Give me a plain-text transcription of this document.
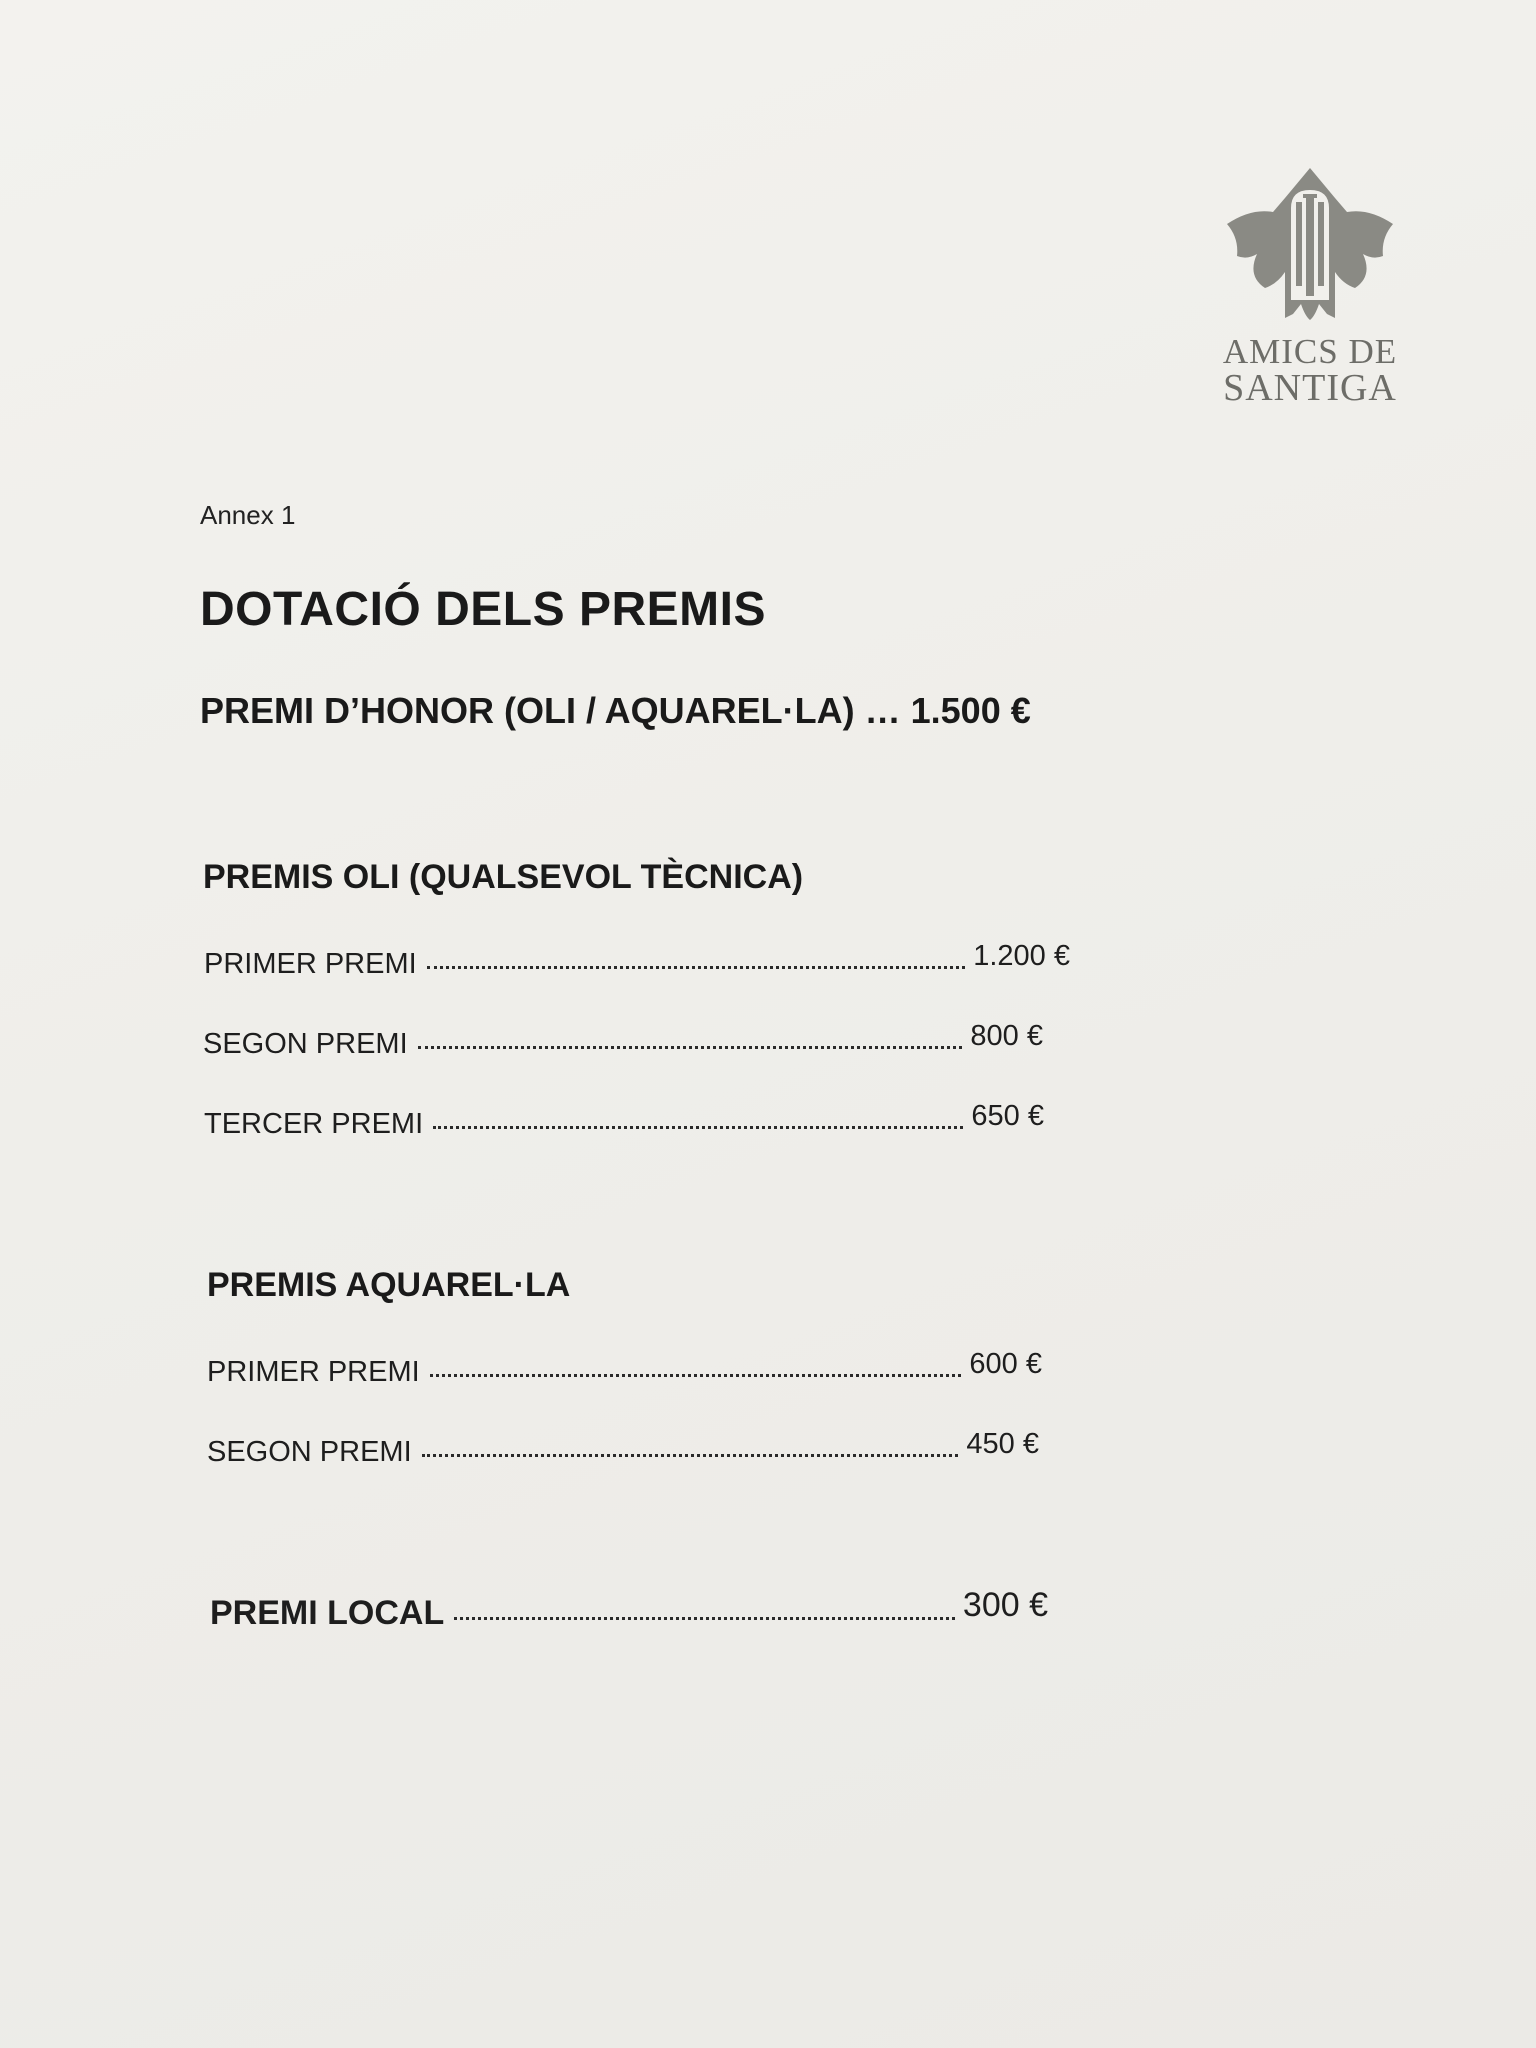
AMICS DE
SANTIGA
Annex 1
DOTACIÓ DELS PREMIS
PREMI D’HONOR (OLI / AQUAREL·LA) … 1.500 €
PREMIS OLI (QUALSEVOL TÈCNICA)
PRIMER PREMI	1.200 €
SEGON PREMI	800 €
TERCER PREMI	650 €
PREMIS AQUAREL·LA
PRIMER PREMI	600 €
SEGON PREMI	450 €
PREMI LOCAL	300 €
